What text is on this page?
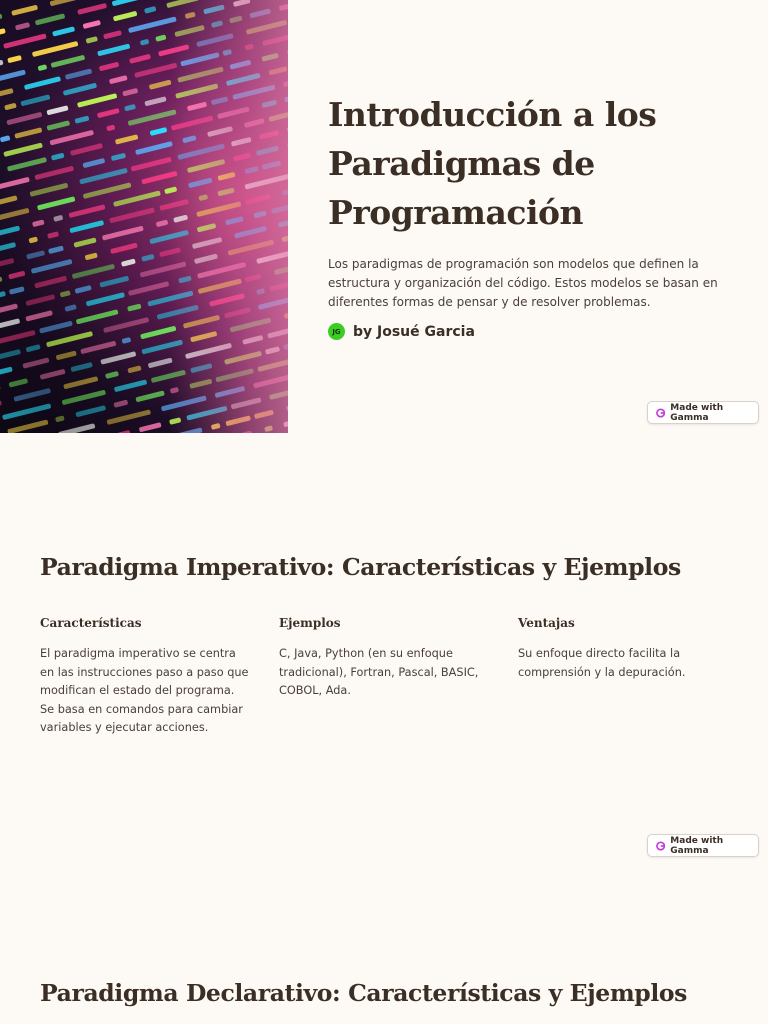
Introducción a los
Paradigmas de
Programación

Los paradigmas de programación son modelos que definen la estructura y organización del código. Estos modelos se basan en diferentes formas de pensar y de resolver problemas.

JG by Josué Garcia
Made with Gamma
Paradigma Imperativo: Características y Ejemplos
Características

El paradigma imperativo se centra en las instrucciones paso a paso que modifican el estado del programa. Se basa en comandos para cambiar variables y ejecutar acciones.

Ejemplos

C, Java, Python (en su enfoque tradicional), Fortran, Pascal, BASIC, COBOL, Ada.

Ventajas

Su enfoque directo facilita la comprensión y la depuración.

Made with Gamma
Paradigma Declarativo: Características y Ejemplos
